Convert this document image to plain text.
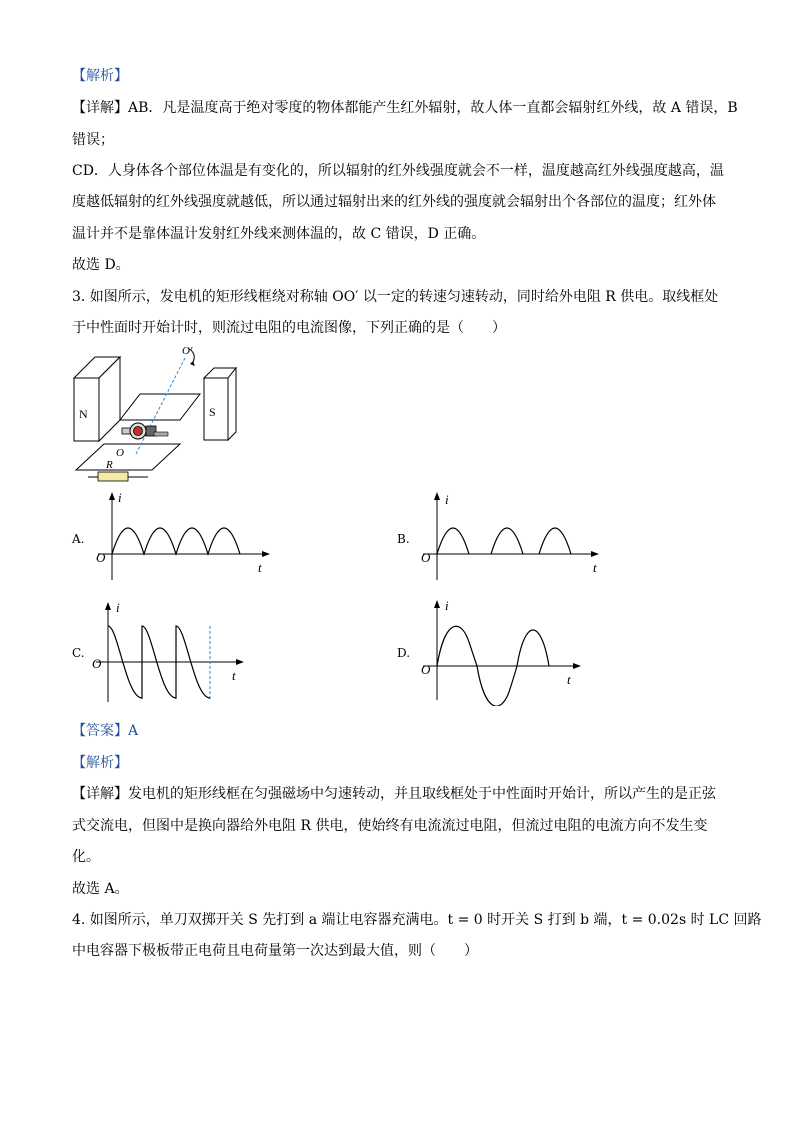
【解析】
【详解】AB．凡是温度高于绝对零度的物体都能产生红外辐射，故人体一直都会辐射红外线，故 A 错误，B
错误；
CD．人身体各个部位体温是有变化的，所以辐射的红外线强度就会不一样，温度越高红外线强度越高，温
度越低辐射的红外线强度就越低，所以通过辐射出来的红外线的强度就会辐射出个各部位的温度；红外体
温计并不是靠体温计发射红外线来测体温的，故 C 错误，D 正确。
故选 D。
3. 如图所示，发电机的矩形线框绕对称轴 OO′ 以一定的转速匀速转动，同时给外电阻 R 供电。取线框处
于中性面时开始计时，则流过电阻的电流图像，下列正确的是（　　）
N	S
O′
O
R
A.
i
t
O
B.
i
t
O
C.
i
t
O
D.
i
t
O
【答案】A
【解析】
【详解】发电机的矩形线框在匀强磁场中匀速转动，并且取线框处于中性面时开始计，所以产生的是正弦
式交流电，但图中是换向器给外电阻 R 供电，使始终有电流流过电阻，但流过电阻的电流方向不发生变
化。
故选 A。
4. 如图所示，单刀双掷开关 S 先打到 a 端让电容器充满电。t = 0 时开关 S 打到 b 端，t = 0.02s 时 LC 回路
中电容器下极板带正电荷且电荷量第一次达到最大值，则（　　）
